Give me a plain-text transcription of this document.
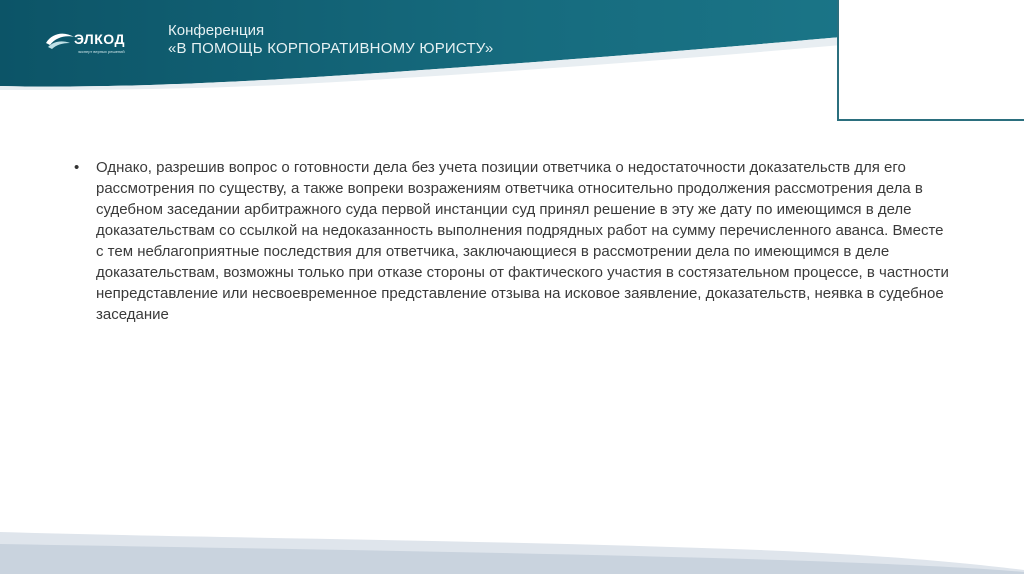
ЭЛКОД
эксперт верных решений
Конференция
«В ПОМОЩЬ КОРПОРАТИВНОМУ ЮРИСТУ»
• Однако, разрешив вопрос о готовности дела без учета позиции ответчика о недостаточности доказательств для его рассмотрения по существу, а также вопреки возражениям ответчика относительно продолжения рассмотрения дела в судебном заседании арбитражного суда первой инстанции суд принял решение в эту же дату по имеющимся в деле доказательствам со ссылкой на недоказанность выполнения подрядных работ на сумму перечисленного аванса. Вместе с тем неблагоприятные последствия для ответчика, заключающиеся в рассмотрении дела по имеющимся в деле доказательствам, возможны только при отказе стороны от фактического участия в состязательном процессе, в частности непредставление или несвоевременное представление отзыва на исковое заявление, доказательств, неявка в судебное заседание
